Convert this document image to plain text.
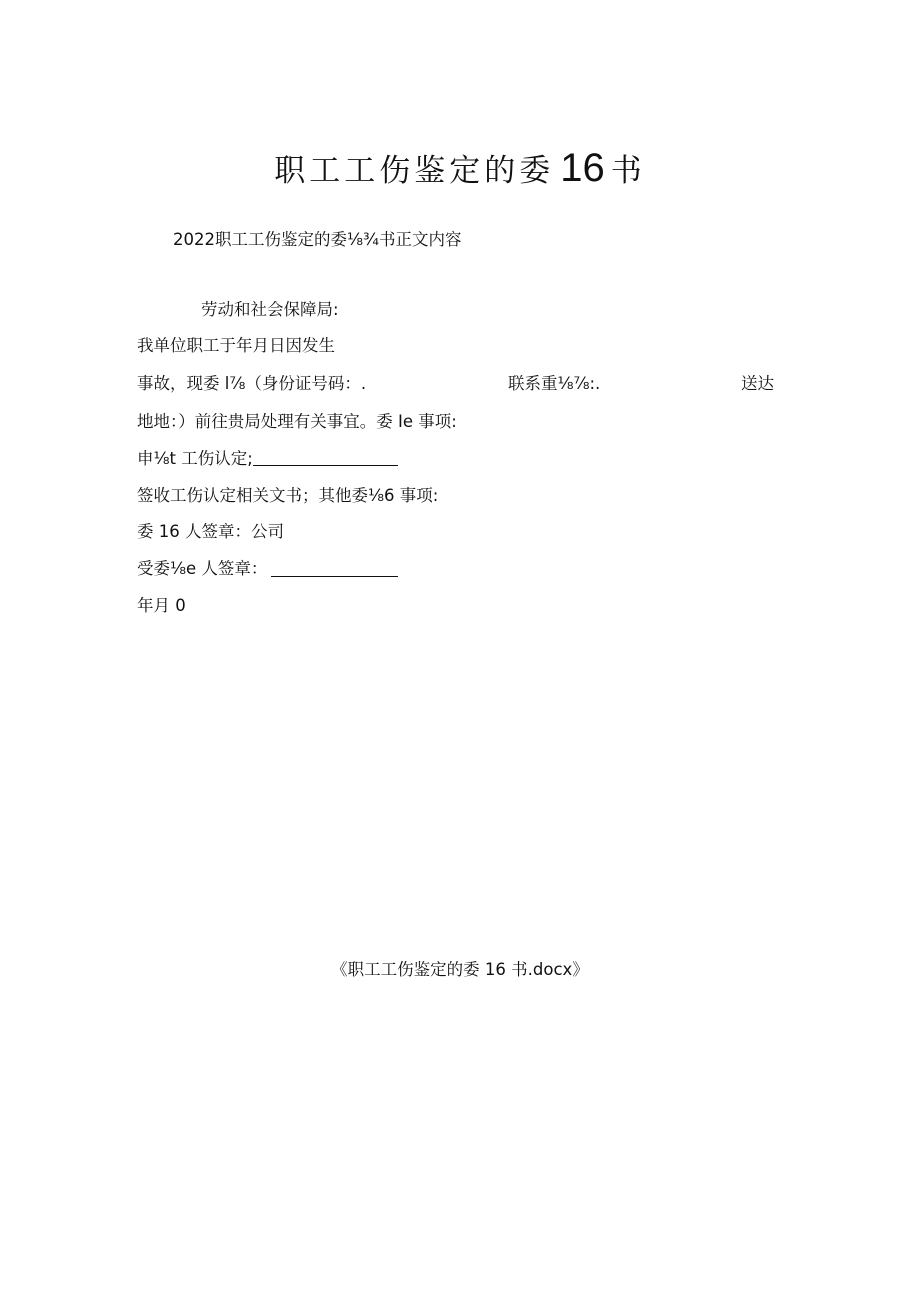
职工工伤鉴定的委 16 书
2022职工工伤鉴定的委⅛¾书正文内容
劳动和社会保障局:
我单位职工于年月日因发生
事故，现委 l⅞（身份证号码：.	联系重⅛⅞:.	送达
地地：）前往贵局处理有关事宜。委 Ie 事项:
申⅛t 工伤认定;
签收工伤认定相关文书；其他委⅛6 事项:
委 16 人签章：公司
受委⅛e 人签章：
年月 0
《职工工伤鉴定的委 16 书.docx》
